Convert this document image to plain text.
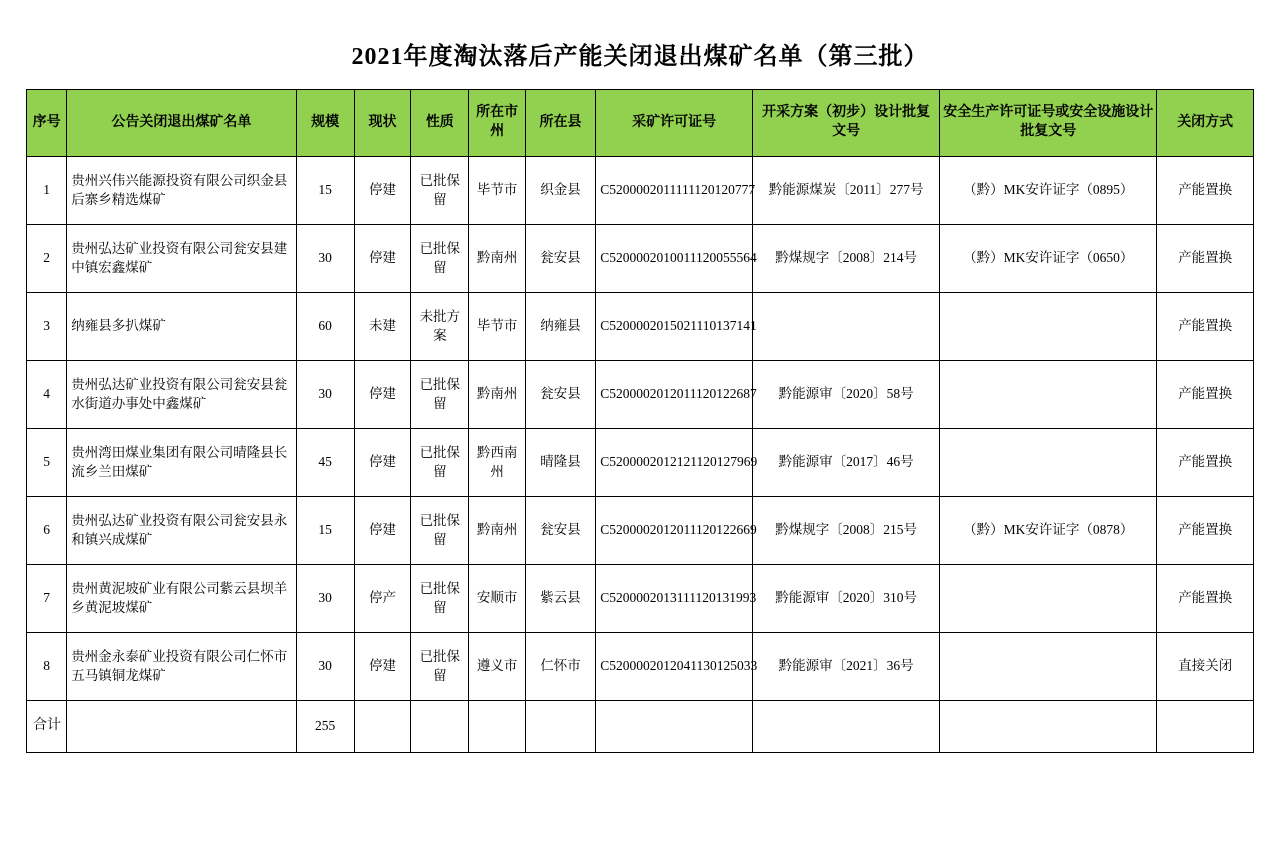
2021年度淘汰落后产能关闭退出煤矿名单（第三批）
序号	公告关闭退出煤矿名单	规模	现状	性质	所在市州	所在县	采矿许可证号	开采方案（初步）设计批复文号	安全生产许可证号或安全设施设计批复文号	关闭方式
1	贵州兴伟兴能源投资有限公司织金县后寨乡精选煤矿	15	停建	已批保留	毕节市	织金县	C5200002011111120120777	黔能源煤炭〔2011〕277号	（黔）MK安许证字（0895）	产能置换
2	贵州弘达矿业投资有限公司瓮安县建中镇宏鑫煤矿	30	停建	已批保留	黔南州	瓮安县	C5200002010011120055564	黔煤规字〔2008〕214号	（黔）MK安许证字（0650）	产能置换
3	纳雍县多扒煤矿	60	未建	未批方案	毕节市	纳雍县	C5200002015021110137141			产能置换
4	贵州弘达矿业投资有限公司瓮安县瓮水街道办事处中鑫煤矿	30	停建	已批保留	黔南州	瓮安县	C5200002012011120122687	黔能源审〔2020〕58号		产能置换
5	贵州湾田煤业集团有限公司晴隆县长流乡兰田煤矿	45	停建	已批保留	黔西南州	晴隆县	C5200002012121120127969	黔能源审〔2017〕46号		产能置换
6	贵州弘达矿业投资有限公司瓮安县永和镇兴成煤矿	15	停建	已批保留	黔南州	瓮安县	C5200002012011120122669	黔煤规字〔2008〕215号	（黔）MK安许证字（0878）	产能置换
7	贵州黄泥坡矿业有限公司紫云县坝羊乡黄泥坡煤矿	30	停产	已批保留	安顺市	紫云县	C5200002013111120131993	黔能源审〔2020〕310号		产能置换
8	贵州金永泰矿业投资有限公司仁怀市五马镇铜龙煤矿	30	停建	已批保留	遵义市	仁怀市	C5200002012041130125033	黔能源审〔2021〕36号		直接关闭
合计		255								
